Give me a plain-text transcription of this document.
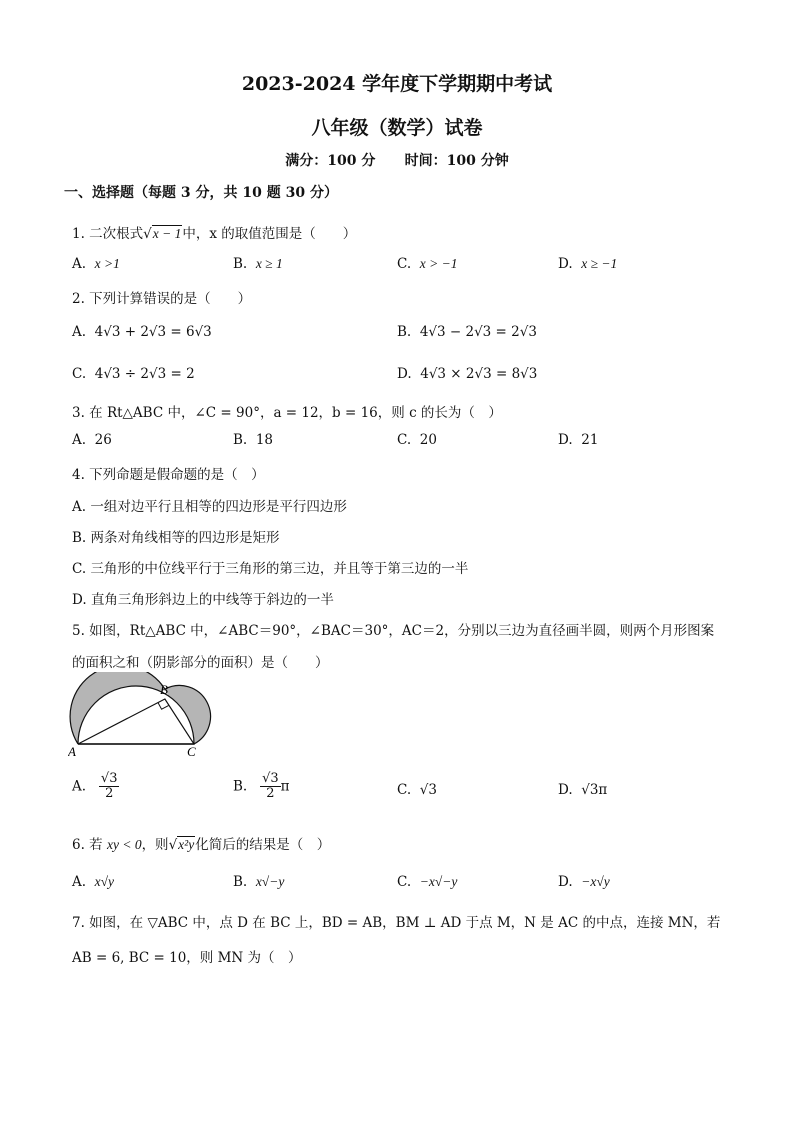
2023-2024 学年度下学期期中考试
八年级（数学）试卷
满分：100 分      时间：100 分钟
一、选择题（每题 3 分，共 10 题 30 分）
1. 二次根式√x − 1中，x 的取值范围是（　　）
A. x >1	B. x ≥ 1	C. x > −1	D. x ≥ −1
2. 下列计算错误的是（　　）
A. 4√3 + 2√3 = 6√3	B. 4√3 − 2√3 = 2√3
C. 4√3 ÷ 2√3 = 2	D. 4√3 × 2√3 = 8√3
3. 在 Rt△ABC 中，∠C = 90°，a = 12，b = 16，则 c 的长为（　）
A. 26	B. 18	C. 20	D. 21
4. 下列命题是假命题的是（　）
A. 一组对边平行且相等的四边形是平行四边形
B. 两条对角线相等的四边形是矩形
C. 三角形的中位线平行于三角形的第三边，并且等于第三边的一半
D. 直角三角形斜边上的中线等于斜边的一半
5. 如图，Rt△ABC 中，∠ABC＝90°，∠BAC＝30°，AC＝2，分别以三边为直径画半圆，则两个月形图案
的面积之和（阴影部分的面积）是（　　）
A
B
C
A. $\frac{√3}{2}$	B. $\frac{√3}{2}$ π	C. √3	D. √3π
6. 若 xy < 0，则√x²y化简后的结果是（　）
A. x√y	B. x√−y	C. −x√−y	D. −x√y
7. 如图，在 ▽ABC 中，点 D 在 BC 上，BD = AB，BM ⊥ AD 于点 M，N 是 AC 的中点，连接 MN，若
AB = 6, BC = 10，则 MN 为（　）
